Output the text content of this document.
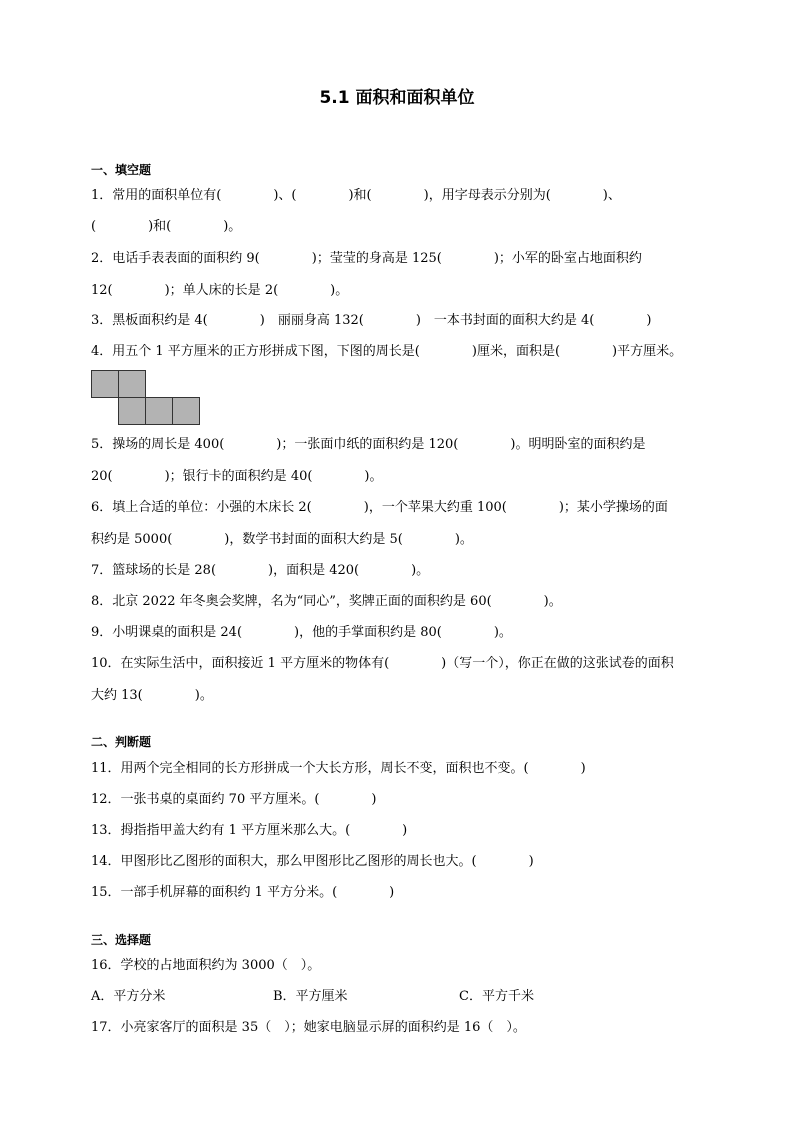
5.1 面积和面积单位
一、填空题
1．常用的面积单位有(　　　　)、(　　　　)和(　　　　)，用字母表示分别为(　　　　)、
(　　　　)和(　　　　)。
2．电话手表表面的面积约 9(　　　　)；莹莹的身高是 125(　　　　)；小军的卧室占地面积约
12(　　　　)；单人床的长是 2(　　　　)。
3．黑板面积约是 4(　　　　)　丽丽身高 132(　　　　)　一本书封面的面积大约是 4(　　　　)
4．用五个 1 平方厘米的正方形拼成下图，下图的周长是(　　　　)厘米，面积是(　　　　)平方厘米。
5．操场的周长是 400(　　　　)；一张面巾纸的面积约是 120(　　　　)。明明卧室的面积约是
20(　　　　)；银行卡的面积约是 40(　　　　)。
6．填上合适的单位：小强的木床长 2(　　　　)，一个苹果大约重 100(　　　　)；某小学操场的面
积约是 5000(　　　　)，数学书封面的面积大约是 5(　　　　)。
7．篮球场的长是 28(　　　　)，面积是 420(　　　　)。
8．北京 2022 年冬奥会奖牌，名为“同心”，奖牌正面的面积约是 60(　　　　)。
9．小明课桌的面积是 24(　　　　)，他的手掌面积约是 80(　　　　)。
10．在实际生活中，面积接近 1 平方厘米的物体有(　　　　)（写一个），你正在做的这张试卷的面积
大约 13(　　　　)。
二、判断题
11．用两个完全相同的长方形拼成一个大长方形，周长不变，面积也不变。(　　　　)
12．一张书桌的桌面约 70 平方厘米。(　　　　)
13．拇指指甲盖大约有 1 平方厘米那么大。(　　　　)
14．甲图形比乙图形的面积大，那么甲图形比乙图形的周长也大。(　　　　)
15．一部手机屏幕的面积约 1 平方分米。(　　　　)
三、选择题
16．学校的占地面积约为 3000（　）。
A．平方分米	B．平方厘米	C．平方千米
17．小亮家客厅的面积是 35（　）；她家电脑显示屏的面积约是 16（　）。
